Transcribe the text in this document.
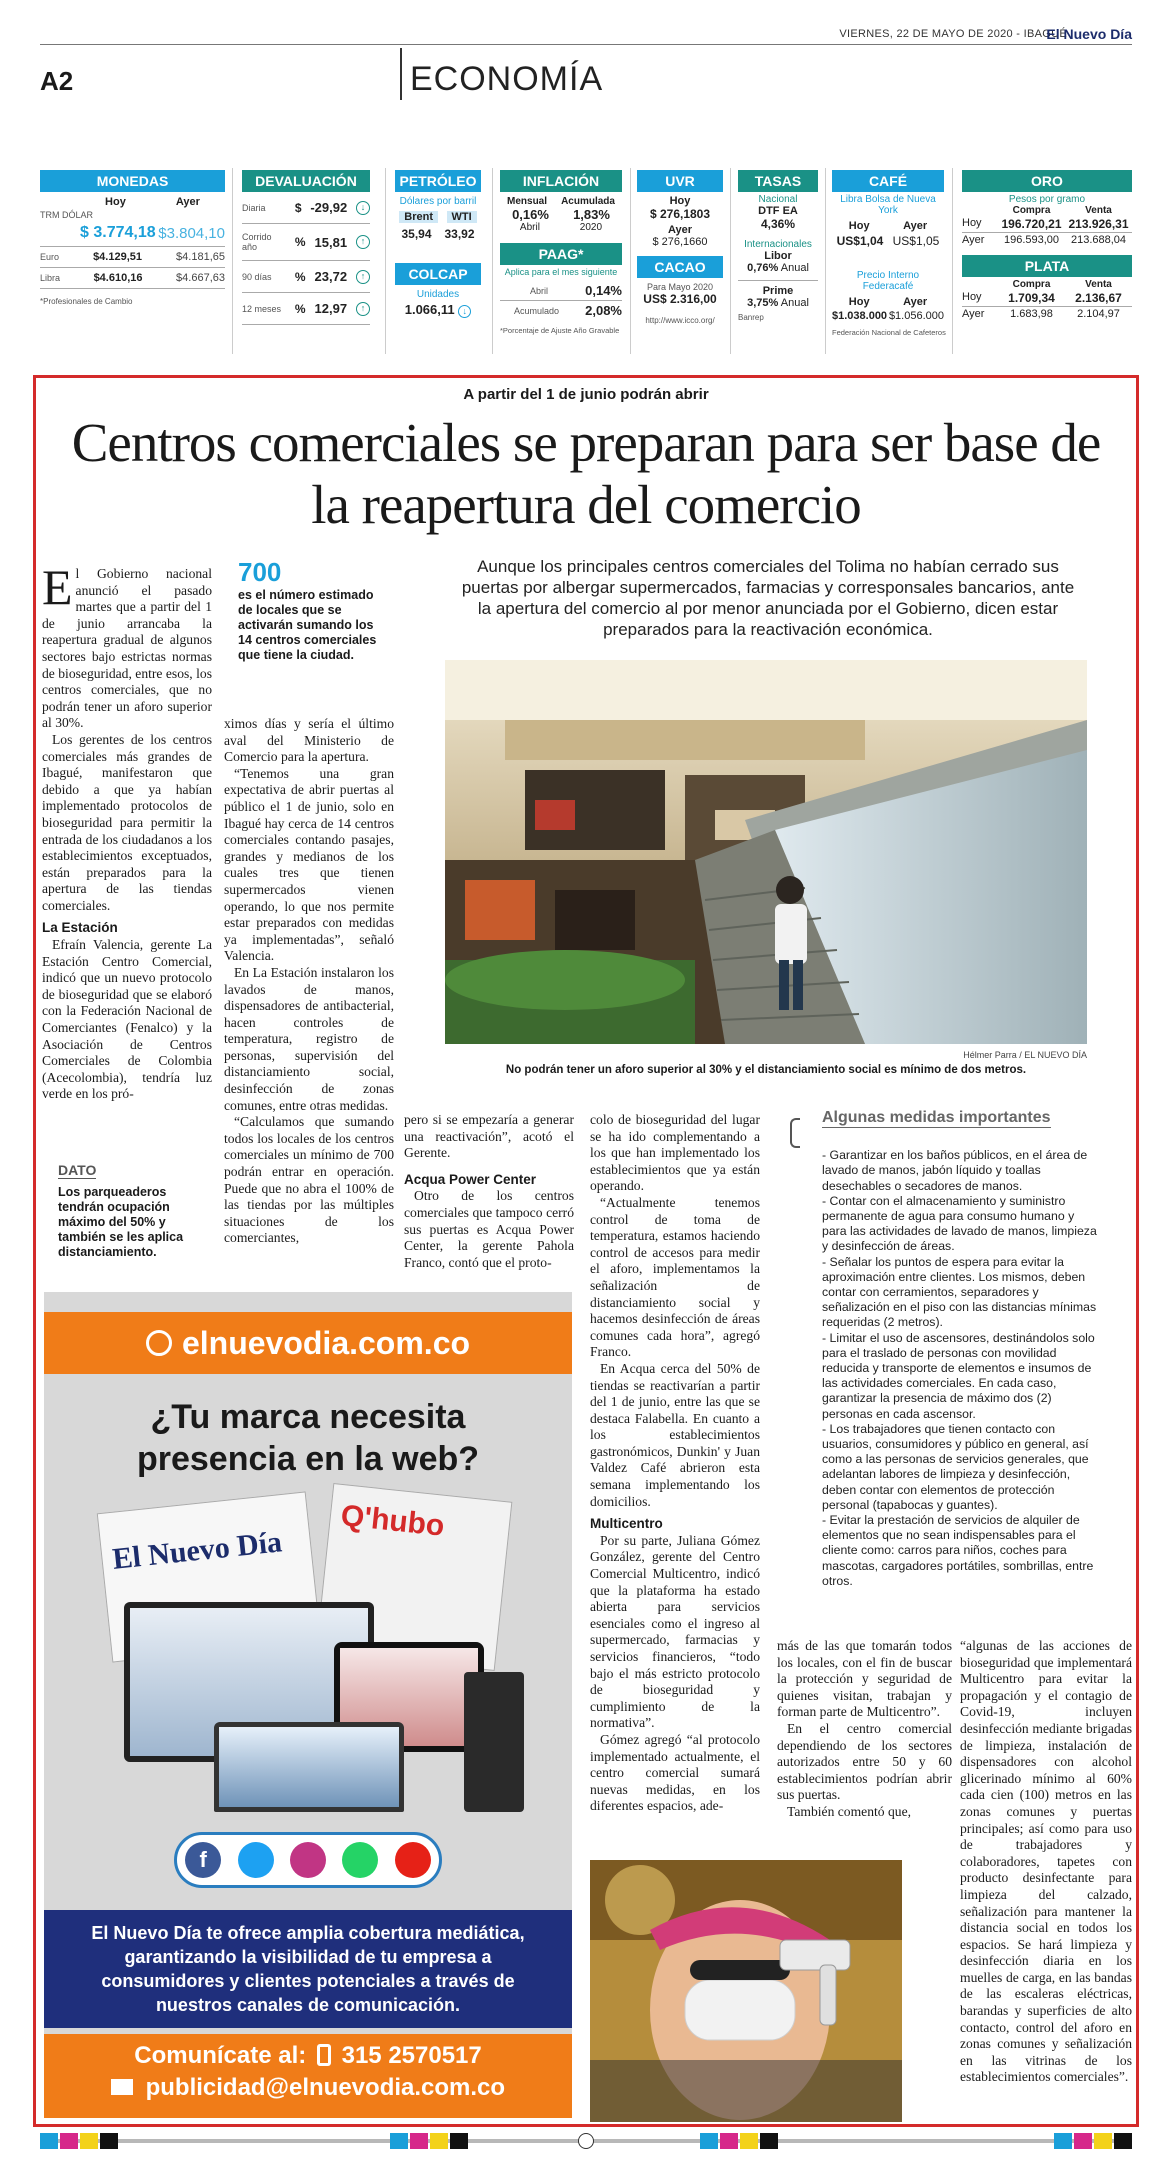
VIERNES, 22 DE MAYO DE 2020 - IBAGUÉ
El Nuevo Día
A2	ECONOMÍA
MONEDAS
Hoy	Ayer
TRM DÓLAR
$ 3.774,18 $3.804,10
Euro	$4.129,51	$4.181,65
Libra	$4.610,16	$4.667,63
*Profesionales de Cambio
DEVALUACIÓN
Diaria	$ -29,92	↓
Corrido año	% 15,81	↑
90 días	% 23,72	↑
12 meses	% 12,97	↑
PETRÓLEO
Dólares por barril
Brent	WTI
35,94 33,92
COLCAP
Unidades
1.066,11 ↓
INFLACIÓN
Mensual Acumulada
0,16% 1,83%
Abril	2020
PAAG*
Aplica para el mes siguiente
Abril	0,14%
Acumulado 2,08%
*Porcentaje de Ajuste Año Gravable
UVR
Hoy
$ 276,1803
Ayer
$ 276,1660
CACAO
Para Mayo 2020
US$ 2.316,00
http://www.icco.org/
TASAS
Nacional
DTF EA
4,36%
Internacionales
Libor
0,76% Anual
Prime
3,75% Anual
Banrep
CAFÉ
Libra Bolsa de Nueva York
Hoy	Ayer
US$1,04 US$1,05
Precio Interno Federacafé
Hoy	Ayer
$1.038.000 $1.056.000
Federación Nacional de Cafeteros
ORO
Pesos por gramo
Compra	Venta
Hoy	196.720,21 213.926,31
Ayer	196.593,00	213.688,04
PLATA
Compra	Venta
Hoy	1.709,34	2.136,67
Ayer	1.683,98	2.104,97
A partir del 1 de junio podrán abrir
Centros comerciales se preparan para ser base de la reapertura del comercio

El Gobierno nacional anunció el pasado martes que a partir del 1 de junio arrancaba la reapertura gradual de algunos sectores bajo estrictas normas de bioseguridad, entre esos, los centros comerciales, que no podrán tener un aforo superior al 30%.

Los gerentes de los centros comerciales más grandes de Ibagué, manifestaron que debido a que ya habían implementado protocolos de bioseguridad para permitir la entrada de los ciudadanos a los establecimientos exceptuados, están preparados para la apertura de las tiendas comerciales.

La Estación

Efraín Valencia, gerente La Estación Centro Comercial, indicó que un nuevo protocolo de bioseguridad que se elaboró con la Federación Nacional de Comerciantes (Fenalco) y la Asociación de Centros Comerciales de Colombia (Acecolombia), tendría luz verde en los pró-

700
es el número estimado de locales que se activarán sumando los 14 centros comerciales que tiene la ciudad.

ximos días y sería el último aval del Ministerio de Comercio para la apertura.

“Tenemos una gran expectativa de abrir puertas al público el 1 de junio, solo en Ibagué hay cerca de 14 centros comerciales contando pasajes, grandes y medianos de los cuales tres que tienen supermercados vienen operando, lo que nos permite estar preparados con medidas ya implementadas”, señaló Valencia.

En La Estación instalaron los lavados de manos, dispensadores de antibacterial, hacen controles de temperatura, registro de personas, supervisión del distanciamiento social, desinfección de zonas comunes, entre otras medidas.

“Calculamos que sumando todos los locales de los centros comerciales un mínimo de 700 podrán entrar en operación. Puede que no abra el 100% de las tiendas por las múltiples situaciones de los comerciantes,

DATO
Los parqueaderos tendrán ocupación máximo del 50% y también se les aplica distanciamiento.
Aunque los principales centros comerciales del Tolima no habían cerrado sus puertas por albergar supermercados, farmacias y corresponsales bancarios, ante la apertura del comercio al por menor anunciada por el Gobierno, dicen estar preparados para la reactivación económica.
Hélmer Parra / EL NUEVO DÍA
No podrán tener un aforo superior al 30% y el distanciamiento social es mínimo de dos metros.

pero si se empezaría a generar una reactivación”, acotó el Gerente.

Acqua Power Center

Otro de los centros comerciales que tampoco cerró sus puertas es Acqua Power Center, la gerente Pahola Franco, contó que el proto-

colo de bioseguridad del lugar se ha ido complementando a los que han implementado los establecimientos que ya están operando.

“Actualmente tenemos control de toma de temperatura, estamos haciendo control de accesos para medir el aforo, implementamos la señalización de distanciamiento social y hacemos desinfección de áreas comunes cada hora”, agregó Franco.

En Acqua cerca del 50% de tiendas se reactivarían a partir del 1 de junio, entre las que se destaca Falabella. En cuanto a los establecimientos gastronómicos, Dunkin' y Juan Valdez Café abrieron esta semana implementando los domicilios.

Multicentro

Por su parte, Juliana Gómez González, gerente del Centro Comercial Multicentro, indicó que la plataforma ha estado abierta para servicios esenciales como el ingreso al supermercado, farmacias y servicios financieros, “todo bajo el más estricto protocolo de bioseguridad y cumplimiento de la normativa”.

Gómez agregó “al protocolo implementado actualmente, el centro comercial sumará nuevas medidas, en los diferentes espacios, ade-

Algunas medidas importantes
- Garantizar en los baños públicos, en el área de lavado de manos, jabón líquido y toallas desechables o secadores de manos.
- Contar con el almacenamiento y suministro permanente de agua para consumo humano y para las actividades de lavado de manos, limpieza y desinfección de áreas.
- Señalar los puntos de espera para evitar la aproximación entre clientes. Los mismos, deben contar con cerramientos, separadores y señalización en el piso con las distancias mínimas requeridas (2 metros).
- Limitar el uso de ascensores, destinándolos solo para el traslado de personas con movilidad reducida y transporte de elementos e insumos de las actividades comerciales. En cada caso, garantizar la presencia de máximo dos (2) personas en cada ascensor.
- Los trabajadores que tienen contacto con usuarios, consumidores y público en general, así como a las personas de servicios generales, que adelantan labores de limpieza y desinfección, deben contar con elementos de protección personal (tapabocas y guantes).
- Evitar la prestación de servicios de alquiler de elementos que no sean indispensables para el cliente como: carros para niños, coches para mascotas, cargadores portátiles, sombrillas, entre otros.

más de las que tomarán todos los locales, con el fin de buscar la protección y seguridad de quienes visitan, trabajan y forman parte de Multicentro”.

En el centro comercial dependiendo de los sectores autorizados entre 50 y 60 establecimientos podrían abrir sus puertas.

También comentó que,

“algunas de las acciones de bioseguridad que implementará Multicentro para evitar la propagación y el contagio de Covid-19, incluyen desinfección mediante brigadas de limpieza, instalación de dispensadores con alcohol glicerinado mínimo al 60% cada cien (100) metros en las zonas comunes y puertas principales; así como para uso de trabajadores y colaboradores, tapetes con producto desinfectante para limpieza del calzado, señalización para mantener la distancia social en todos los espacios. Se hará limpieza y desinfección diaria en los muelles de carga, en las bandas de las escaleras eléctricas, barandas y superficies de alto contacto, control del aforo en zonas comunes y señalización en las vitrinas de los establecimientos comerciales”.

elnuevodia.com.co
¿Tu marca necesita presencia en la web?
El Nuevo Día
Q'hubo
f
El Nuevo Día te ofrece amplia cobertura mediática, garantizando la visibilidad de tu empresa a consumidores y clientes potenciales a través de nuestros canales de comunicación.
Comunícate al: 315 2570517
publicidad@elnuevodia.com.co
